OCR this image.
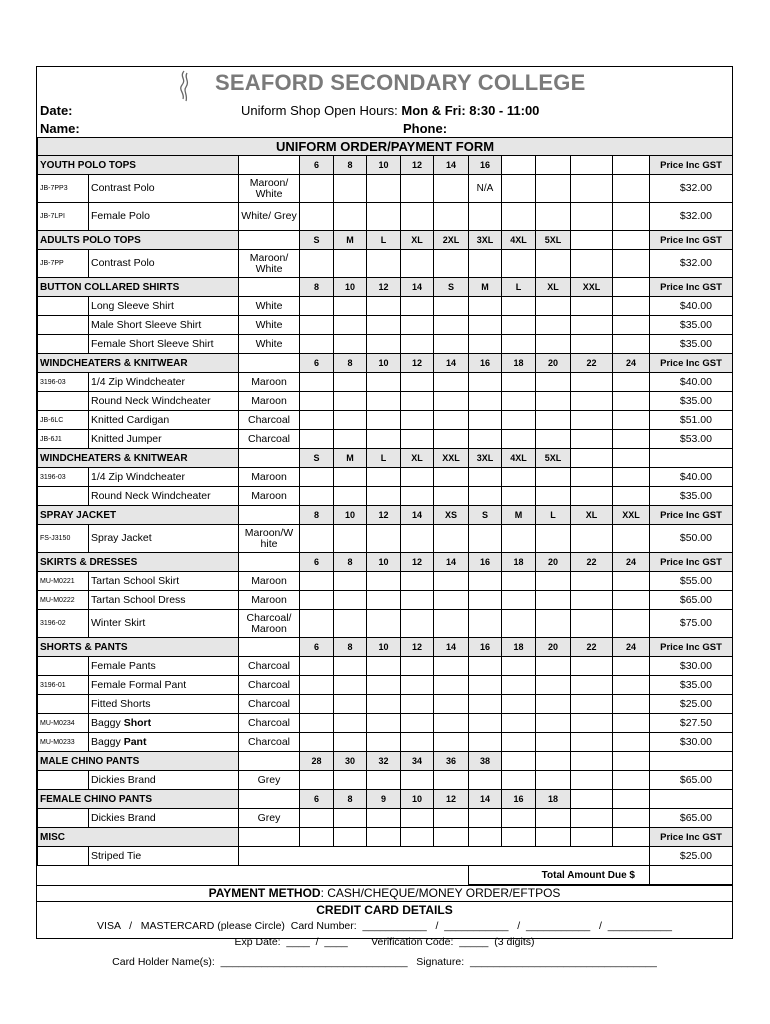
SEAFORD SECONDARY COLLEGE
Date:
Name:
Uniform Shop Open Hours: Mon & Fri: 8:30 - 11:00
Phone:
UNIFORM ORDER/PAYMENT FORM													
YOUTH POLO TOPS			6	8	10	12	14	16					Price Inc GST
JB-7PP3	Contrast Polo	Maroon/ White						N/A					$32.00
JB-7LPI	Female Polo	White/ Grey											$32.00
ADULTS POLO TOPS			S	M	L	XL	2XL	3XL	4XL	5XL			Price Inc GST
JB-7PP	Contrast Polo	Maroon/ White											$32.00
BUTTON COLLARED SHIRTS			8	10	12	14	S	M	L	XL	XXL		Price Inc GST
	Long Sleeve Shirt	White											$40.00
	Male Short Sleeve Shirt	White											$35.00
	Female Short Sleeve Shirt	White											$35.00
WINDCHEATERS & KNITWEAR			6	8	10	12	14	16	18	20	22	24	Price Inc GST
3196-03	1/4 Zip Windcheater	Maroon											$40.00
	Round Neck Windcheater	Maroon											$35.00
JB-6LC	Knitted Cardigan	Charcoal											$51.00
JB-6J1	Knitted Jumper	Charcoal											$53.00
WINDCHEATERS & KNITWEAR			S	M	L	XL	XXL	3XL	4XL	5XL			
3196-03	1/4 Zip Windcheater	Maroon											$40.00
	Round Neck Windcheater	Maroon											$35.00
SPRAY JACKET			8	10	12	14	XS	S	M	L	XL	XXL	Price Inc GST
FS-J3150	Spray Jacket	Maroon/W hite											$50.00
SKIRTS & DRESSES			6	8	10	12	14	16	18	20	22	24	Price Inc GST
MU-M0221	Tartan School Skirt	Maroon											$55.00
MU-M0222	Tartan School Dress	Maroon											$65.00
3196-02	Winter Skirt	Charcoal/ Maroon											$75.00
SHORTS & PANTS			6	8	10	12	14	16	18	20	22	24	Price Inc GST
	Female Pants	Charcoal											$30.00
3196-01	Female Formal Pant	Charcoal											$35.00
	Fitted Shorts	Charcoal											$25.00
MU-M0234	Baggy Short	Charcoal											$27.50
MU-M0233	Baggy Pant	Charcoal											$30.00
MALE CHINO PANTS			28	30	32	34	36	38					
	Dickies Brand	Grey											$65.00
FEMALE CHINO PANTS			6	8	9	10	12	14	16	18			
	Dickies Brand	Grey											$65.00
MISC													Price Inc GST
	Striped Tie												$25.00
								Total Amount Due $					
PAYMENT METHOD: CASH/CHEQUE/MONEY ORDER/EFTPOS
CREDIT CARD DETAILS
VISA   /   MASTERCARD (please Circle)  Card Number:  ___________   /  ___________   /  ___________   /  ___________
Exp Date:  ____  /  ____        Verification Code:  _____  (3 digits)
Card Holder Name(s):  ________________________________   Signature:  ________________________________
